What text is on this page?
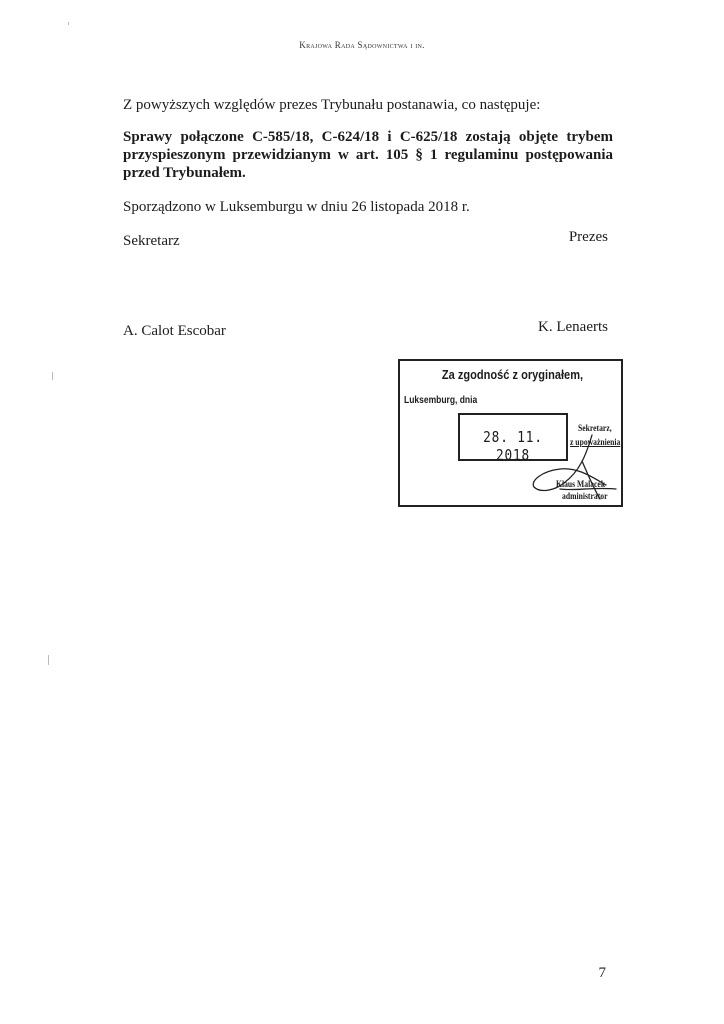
Krajowa Rada Sądownictwa i in.
Z powyższych względów prezes Trybunału postanawia, co następuje:
Sprawy połączone C-585/18, C-624/18 i C-625/18 zostają objęte trybem
przyspieszonym przewidzianym w art. 105 § 1 regulaminu postępowania
przed Trybunałem.
Sporządzono w Luksemburgu w dniu 26 listopada 2018 r.
Sekretarz	Prezes
A. Calot Escobar	K. Lenaerts
Za zgodność z oryginałem,
Luksemburg, dnia
28. 11. 2018
Sekretarz,
z upoważnienia
Klaus Malacek
administrator
7
